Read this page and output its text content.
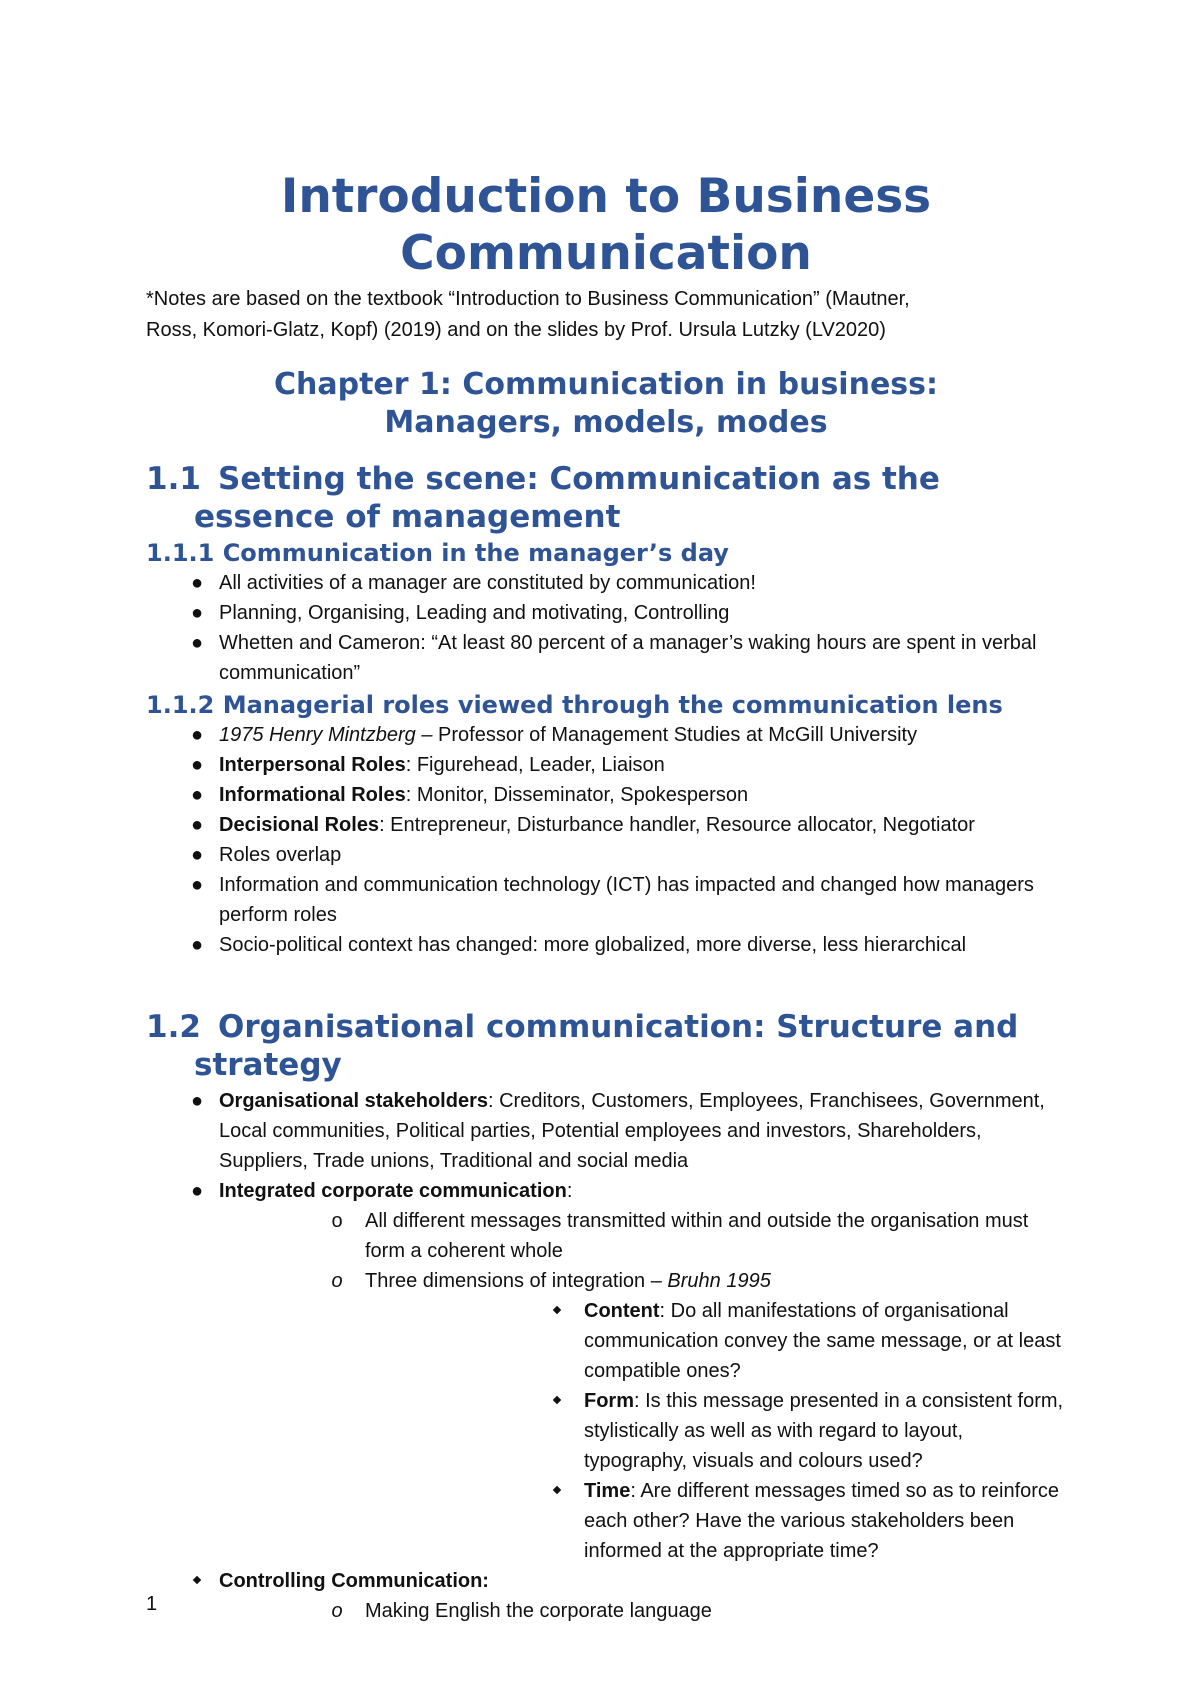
Introduction to Business
Communication

*Notes are based on the textbook “Introduction to Business Communication” (Mautner,
Ross, Komori-Glatz, Kopf) (2019) and on the slides by Prof. Ursula Lutzky (LV2020)

Chapter 1: Communication in business:
Managers, models, modes
1.1 Setting the scene: Communication as the essence of management
1.1.1 Communication in the manager’s day
● All activities of a manager are constituted by communication!
● Planning, Organising, Leading and motivating, Controlling
● Whetten and Cameron: “At least 80 percent of a manager’s waking hours are spent in verbal communication”
1.1.2 Managerial roles viewed through the communication lens
● 1975 Henry Mintzberg – Professor of Management Studies at McGill University
● Interpersonal Roles: Figurehead, Leader, Liaison
● Informational Roles: Monitor, Disseminator, Spokesperson
● Decisional Roles: Entrepreneur, Disturbance handler, Resource allocator, Negotiator
● Roles overlap
● Information and communication technology (ICT) has impacted and changed how managers perform roles
● Socio-political context has changed: more globalized, more diverse, less hierarchical
1.2 Organisational communication: Structure and strategy
● Organisational stakeholders: Creditors, Customers, Employees, Franchisees, Government, Local communities, Political parties, Potential employees and investors, Shareholders, Suppliers, Trade unions, Traditional and social media
● Integrated corporate communication:
o All different messages transmitted within and outside the organisation must form a coherent whole
o Three dimensions of integration – Bruhn 1995
Content: Do all manifestations of organisational communication convey the same message, or at least compatible ones?
Form: Is this message presented in a consistent form, stylistically as well as with regard to layout, typography, visuals and colours used?
Time: Are different messages timed so as to reinforce each other? Have the various stakeholders been informed at the appropriate time?
Controlling Communication:
o Making English the corporate language
1
